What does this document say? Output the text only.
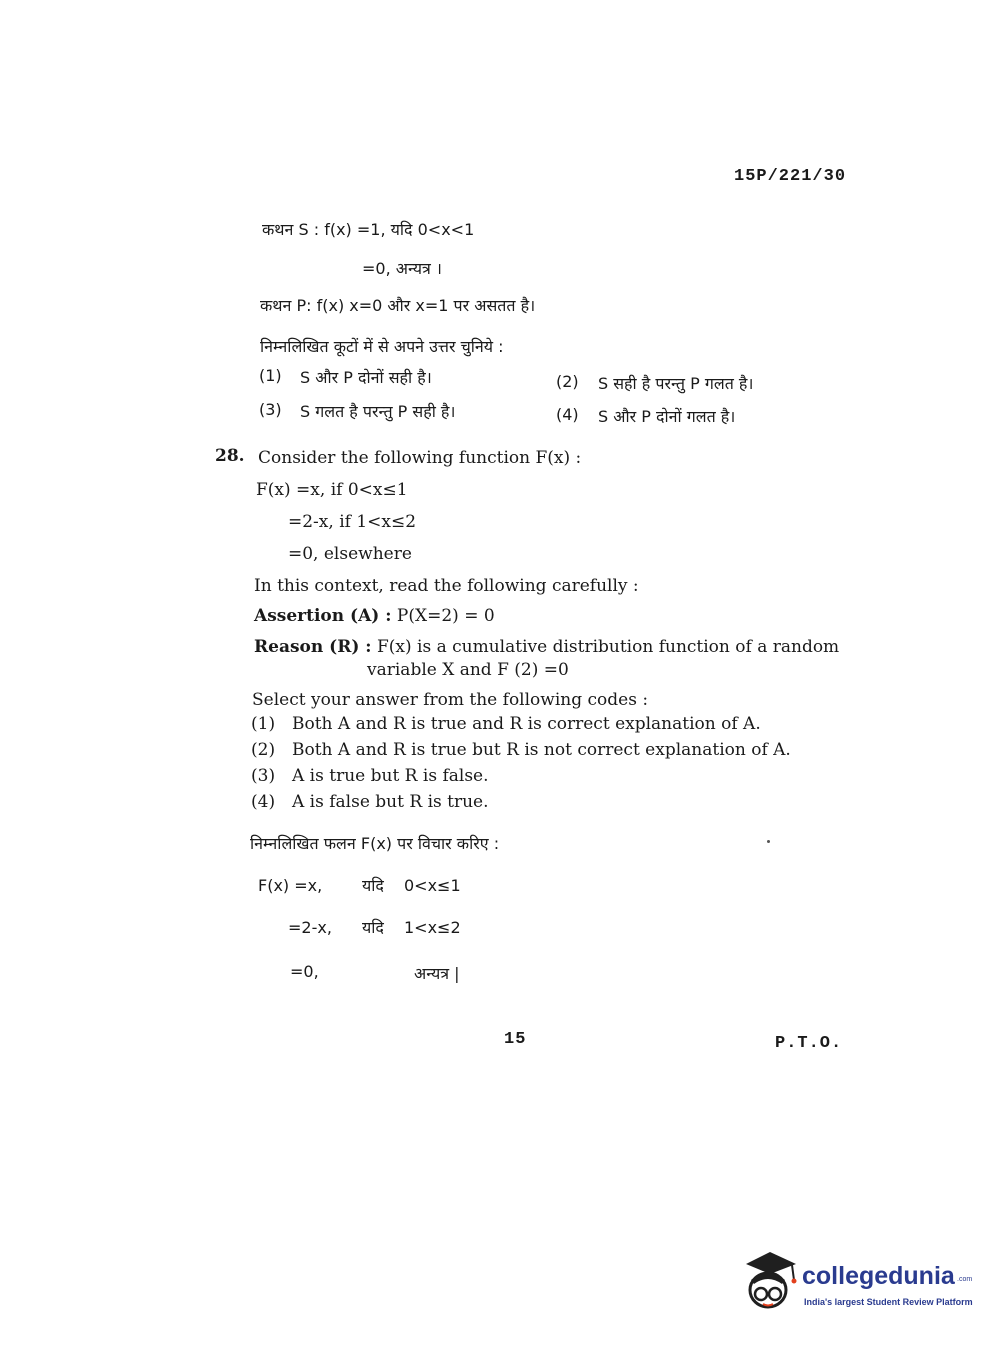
15P/221/30
कथन S : f(x) =1, यदि 0<x<1
=0, अन्यत्र ।
कथन P: f(x) x=0 और x=1 पर असतत है।
निम्नलिखित कूटों में से अपने उत्तर चुनिये :
(1) S और P दोनों सही है।	(2) S सही है परन्तु P गलत है।
(3) S गलत है परन्तु P सही है।	(4) S और P दोनों गलत है।
28. Consider the following function F(x) :
F(x) =x, if 0<x≤1
=2-x, if 1<x≤2
=0, elsewhere
In this context, read the following carefully :
Assertion (A) : P(X=2) = 0
Reason (R) : F(x) is a cumulative distribution function of a random
variable X and F (2) =0
Select your answer from the following codes :
(1) Both A and R is true and R is correct explanation of A.
(2) Both A and R is true but R is not correct explanation of A.
(3) A is true but R is false.
(4) A is false but R is true.
निम्नलिखित फलन F(x) पर विचार करिए :
F(x) =x, यदि 0<x≤1
=2-x, यदि 1<x≤2
=0,	अन्यत्र |
15	P.T.O.
collegedunia .com
India's largest Student Review Platform
